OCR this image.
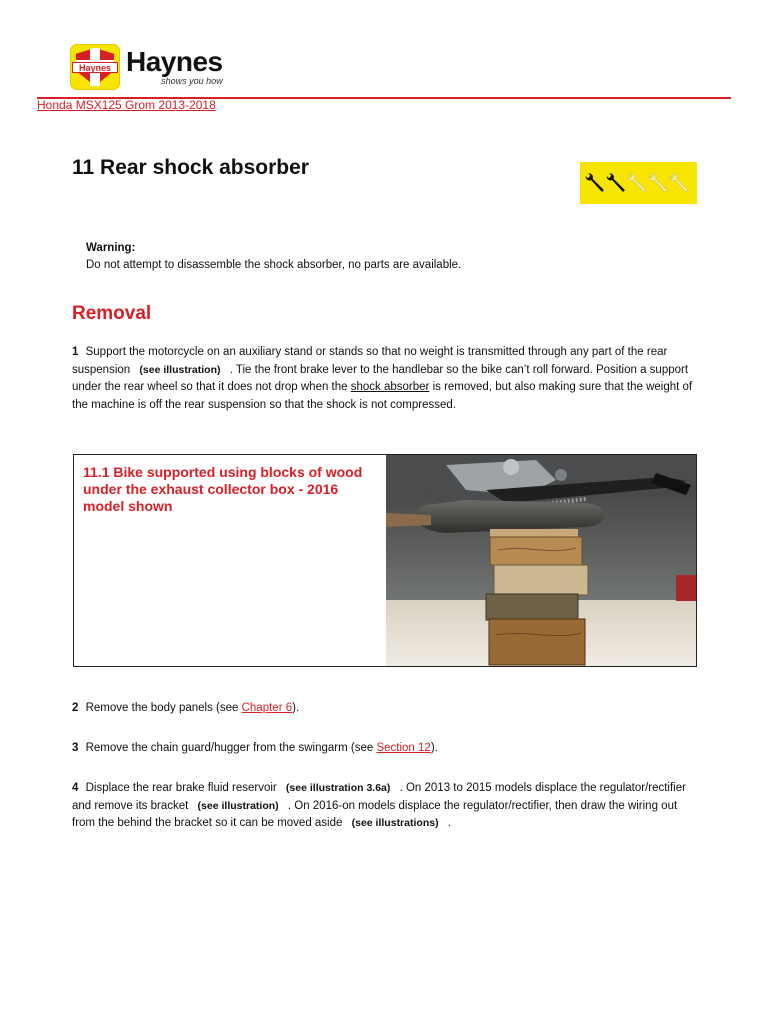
Haynes Haynes
shows you how
Honda MSX125 Grom 2013-2018
11 Rear shock absorber
Warning:
Do not attempt to disassemble the shock absorber, no parts are available.
Removal
1 Support the motorcycle on an auxiliary stand or stands so that no weight is transmitted through any part of the rear suspension (see illustration) . Tie the front brake lever to the handlebar so the bike can’t roll forward. Position a support under the rear wheel so that it does not drop when the shock absorber is removed, but also making sure that the weight of the machine is off the rear suspension so that the shock is not compressed.
11.1 Bike supported using blocks of wood under the exhaust collector box - 2016 model shown
2 Remove the body panels (see Chapter 6).
3 Remove the chain guard/hugger from the swingarm (see Section 12).
4 Displace the rear brake fluid reservoir (see illustration 3.6a) . On 2013 to 2015 models displace the regulator/rectifier and remove its bracket (see illustration) . On 2016-on models displace the regulator/rectifier, then draw the wiring out from the behind the bracket so it can be moved aside (see illustrations) .
